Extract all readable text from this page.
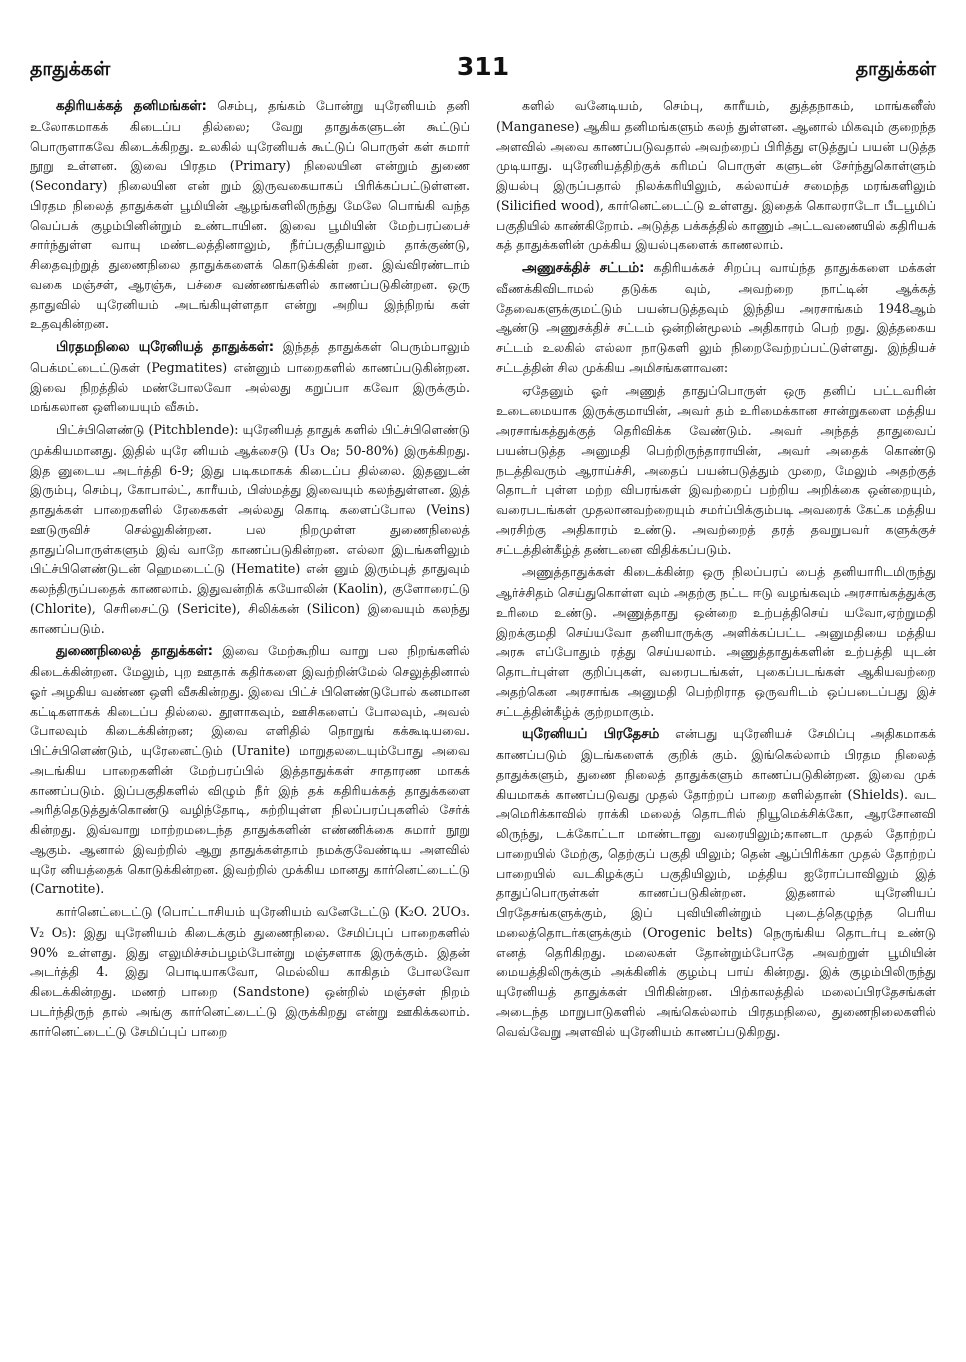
தாதுக்கள்	311	தாதுக்கள்

கதிரியக்கத் தனிமங்கள்: செம்பு, தங்கம் போன்று யுரேனியம் தனி உலோகமாகக் கிடைப்ப தில்லை; வேறு தாதுக்களுடன் கூட்டுப் பொருளாகவே கிடைக்கிறது. உலகில் யுரேனியக் கூட்டுப் பொருள் கள் சுமார் நூறு உள்ளன. இவை பிரதம (Primary) நிலையின என்றும் துணை (Secondary) நிலையின என் றும் இருவகையாகப் பிரிக்கப்பட்டுள்ளன. பிரதம நிலைத் தாதுக்கள் பூமியின் ஆழங்களிலிருந்து மேலே பொங்கி வந்த வெப்பக் குழம்பினின்றும் உண்டாயின. இவை பூமியின் மேற்பரப்பைச் சார்ந்துள்ள வாயு மண்டலத்தினாலும், நீர்ப்பகுதியாலும் தாக்குண்டு, சிதைவுற்றுத் துணைநிலை தாதுக்களைக் கொடுக்கின் றன. இவ்விரண்டாம் வகை மஞ்சள், ஆரஞ்சு, பச்சை வண்ணங்களில் காணப்படுகின்றன. ஒரு தாதுவில் யுரேனியம் அடங்கியுள்ளதா என்று அறிய இந்நிறங் கள் உதவுகின்றன.

பிரதமநிலை யுரேனியத் தாதுக்கள்: இந்தத் தாதுக்கள் பெரும்பாலும் பெக்மட்டைட்டுகள் (Pegmatites) என்னும் பாறைகளில் காணப்படுகின்றன. இவை நிறத்தில் மண்போலவோ அல்லது கறுப்பா கவோ இருக்கும். மங்கலான ஒளியையும் வீசும்.

பிட்ச்பிளெண்டு (Pitchblende): யுரேனியத் தாதுக் களில் பிட்ச்பிளெண்டு முக்கியமானது. இதில் யுரே னியம் ஆக்சைடு (U₃ O₈; 50-80%) இருக்கிறது. இத னுடைய அடர்த்தி 6-9; இது படிகமாகக் கிடைப்ப தில்லை. இதனுடன் இரும்பு, செம்பு, கோபால்ட், காரீயம், பிஸ்மத்து இவையும் கலந்துள்ளன. இத் தாதுக்கள் பாறைகளில் ரேகைகள் அல்லது கொடி களைப்போல (Veins) ஊடுருவிச் செல்லுகின்றன. பல நிறமுள்ள துணைநிலைத் தாதுப்பொருள்களும் இவ் வாறே காணப்படுகின்றன. எல்லா இடங்களிலும் பிட்ச்பிளெண்டுடன் ஹெமடைட்டு (Hematite) என் னும் இரும்புத் தாதுவும் கலந்திருப்பதைக் காணலாம். இதுவன்றிக் கயோலின் (Kaolin), குளோரைட்டு (Chlorite), செரிசைட்டு (Sericite), சிலிக்கன் (Silicon) இவையும் கலந்து காணப்படும்.

துணைநிலைத் தாதுக்கள்: இவை மேற்கூறிய வாறு பல நிறங்களில் கிடைக்கின்றன. மேலும், புற ஊதாக் கதிர்களை இவற்றின்மேல் செலுத்தினால் ஓர் அழகிய வண்ண ஒளி வீசுகின்றது. இவை பிட்ச் பிளெண்டுபோல் கனமான கட்டிகளாகக் கிடைப்ப தில்லை. தூளாகவும், ஊசிகளைப் போலவும், அவல் போலவும் கிடைக்கின்றன; இவை எளிதில் நொறுங் கக்கூடியவை. பிட்ச்பிளெண்டும், யுரேனைட்டும் (Uranite) மாறுதலடையும்போது அவை அடங்கிய பாறைகளின் மேற்பரப்பில் இத்தாதுக்கள் சாதாரண மாகக் காணப்படும். இப்பகுதிகளில் விழும் நீர் இந் தக் கதிரியக்கத் தாதுக்களை அரித்தெடுத்துக்கொண்டு வழிந்தோடி, சுற்றியுள்ள நிலப்பரப்புகளில் சேர்க் கின்றது. இவ்வாறு மாற்றமடைந்த தாதுக்களின் எண்ணிக்கை சுமார் நூறு ஆகும். ஆனால் இவற்றில் ஆறு தாதுக்கள்தாம் நமக்குவேண்டிய அளவில் யுரே னியத்தைக் கொடுக்கின்றன. இவற்றில் முக்கிய மானது கார்னெட்டைட்டு (Carnotite).

கார்னெட்டைட்டு (பொட்டாசியம் யுரேனியம் வனேடேட்டு (K₂O. 2UO₃. V₂ O₅): இது யுரேனியம் கிடைக்கும் துணைநிலை. சேமிப்புப் பாறைகளில் 90% உள்ளது. இது எலுமிச்சம்பழம்போன்று மஞ்சளாக இருக்கும். இதன் அடர்த்தி 4. இது பொடியாகவோ, மெல்லிய காகிதம் போலவோ கிடைக்கின்றது. மணற் பாறை (Sandstone) ஒன்றில் மஞ்சள் நிறம் படர்ந்திருந் தால் அங்கு கார்னெட்டைட்டு இருக்கிறது என்று ஊகிக்கலாம். கார்னெட்டைட்டு சேமிப்புப் பாறை

களில் வனேடியம், செம்பு, காரீயம், துத்தநாகம், மாங்கனீஸ் (Manganese) ஆகிய தனிமங்களும் கலந் துள்ளன. ஆனால் மிகவும் குறைந்த அளவில் அவை காணப்படுவதால் அவற்றைப் பிரித்து எடுத்துப் பயன் படுத்த முடியாது. யுரேனியத்திற்குக் கரிமப் பொருள் களுடன் சேர்ந்துகொள்ளும் இயல்பு இருப்பதால் நிலக்கரியிலும், கல்லாய்ச் சமைந்த மரங்களிலும் (Silicified wood), கார்னெட்டைட்டு உள்ளது. இதைக் கொலராடோ பீடபூமிப் பகுதியில் காண்கிறோம். அடுத்த பக்கத்தில் காணும் அட்டவணையில் கதிரியக் கத் தாதுக்களின் முக்கிய இயல்புகளைக் காணலாம்.

அணுசக்திச் சட்டம்: கதிரியக்கச் சிறப்பு வாய்ந்த தாதுக்களை மக்கள் வீணக்கிவிடாமல் தடுக்க வும், அவற்றை நாட்டின் ஆக்கத் தேவைகளுக்குமட்டும் பயன்படுத்தவும் இந்திய அரசாங்கம் 1948ஆம் ஆண்டு அணுசக்திச் சட்டம் ஒன்றின்மூலம் அதிகாரம் பெற் றது. இத்தகைய சட்டம் உலகில் எல்லா நாடுகளி லும் நிறைவேற்றப்பட்டுள்ளது. இந்தியச் சட்டத்தின் சில முக்கிய அமிசங்களாவன:

ஏதேனும் ஓர் அணுத் தாதுப்பொருள் ஒரு தனிப் பட்டவரின் உடைமையாக இருக்குமாயின், அவர் தம் உரிமைக்கான சான்றுகளை மத்திய அரசாங்கத்துக்குத் தெரிவிக்க வேண்டும். அவர் அந்தத் தாதுவைப் பயன்படுத்த அனுமதி பெற்றிருந்தாராயின், அவர் அதைக் கொண்டு நடத்திவரும் ஆராய்ச்சி, அதைப் பயன்படுத்தும் முறை, மேலும் அதற்குத் தொடர் புள்ள மற்ற விபரங்கள் இவற்றைப் பற்றிய அறிக்கை ஒன்றையும், வரைபடங்கள் முதலானவற்றையும் சமர்ப்பிக்கும்படி அவரைக் கேட்க மத்திய அரசிற்கு அதிகாரம் உண்டு. அவற்றைத் தரத் தவறுபவர் களுக்குச் சட்டத்தின்கீழ்த் தண்டனை விதிக்கப்படும்.

அணுத்தாதுக்கள் கிடைக்கின்ற ஒரு நிலப்பரப் பைத் தனியாரிடமிருந்து ஆர்ச்சிதம் செய்துகொள்ள வும் அதற்கு நட்ட ஈடு வழங்கவும் அரசாங்கத்துக்கு உரிமை உண்டு. அணுத்தாது ஒன்றை உற்பத்திசெய் யவோ,ஏற்றுமதி இறக்குமதி செய்யவோ தனியாருக்கு அளிக்கப்பட்ட அனுமதியை மத்திய அரசு எப்போதும் ரத்து செய்யலாம். அணுத்தாதுக்களின் உற்பத்தி யுடன் தொடர்புள்ள குறிப்புகள், வரைபடங்கள், புகைப்படங்கள் ஆகியவற்றை அதற்கென அரசாங்க அனுமதி பெற்றிராத ஒருவரிடம் ஒப்படைப்பது இச் சட்டத்தின்கீழ்க் குற்றமாகும்.

யுரேனியப் பிரதேசம் என்பது யுரேனியச் சேமிப்பு அதிகமாகக் காணப்படும் இடங்களைக் குறிக் கும். இங்கெல்லாம் பிரதம நிலைத் தாதுக்களும், துணை நிலைத் தாதுக்களும் காணப்படுகின்றன. இவை முக் கியமாகக் காணப்படுவது முதல் தோற்றப் பாறை களில்தான் (Shields). வட அமெரிக்காவில் ராக்கி மலைத் தொடரில் நியூமெக்சிக்கோ, ஆரசோனவி லிருந்து, டக்கோட்டா மாண்டானு வரையிலும்;கானடா முதல் தோற்றப் பாறையில் மேற்கு, தெற்குப் பகுதி யிலும்; தென் ஆப்பிரிக்கா முதல் தோற்றப் பாறையில் வடகிழக்குப் பகுதியிலும், மத்திய ஐரோப்பாவிலும் இத் தாதுப்பொருள்கள் காணப்படுகின்றன. இதனால் யுரேனியப் பிரதேசங்களுக்கும், இப் புவியினின்றும் புடைத்தெழுந்த பெரிய மலைத்தொடர்களுக்கும் (Orogenic belts) நெருங்கிய தொடர்பு உண்டு எனத் தெரிகிறது. மலைகள் தோன்றும்போதே அவற்றுள் பூமியின் மையத்திலிருக்கும் அக்கினிக் குழம்பு பாய் கின்றது. இக் குழம்பிலிருந்து யுரேனியத் தாதுக்கள் பிரிகின்றன. பிற்காலத்தில் மலைப்பிரதேசங்கள் அடைந்த மாறுபாடுகளில் அங்கெல்லாம் பிரதமநிலை, துணைநிலைகளில் வெவ்வேறு அளவில் யுரேனியம் காணப்படுகிறது.
